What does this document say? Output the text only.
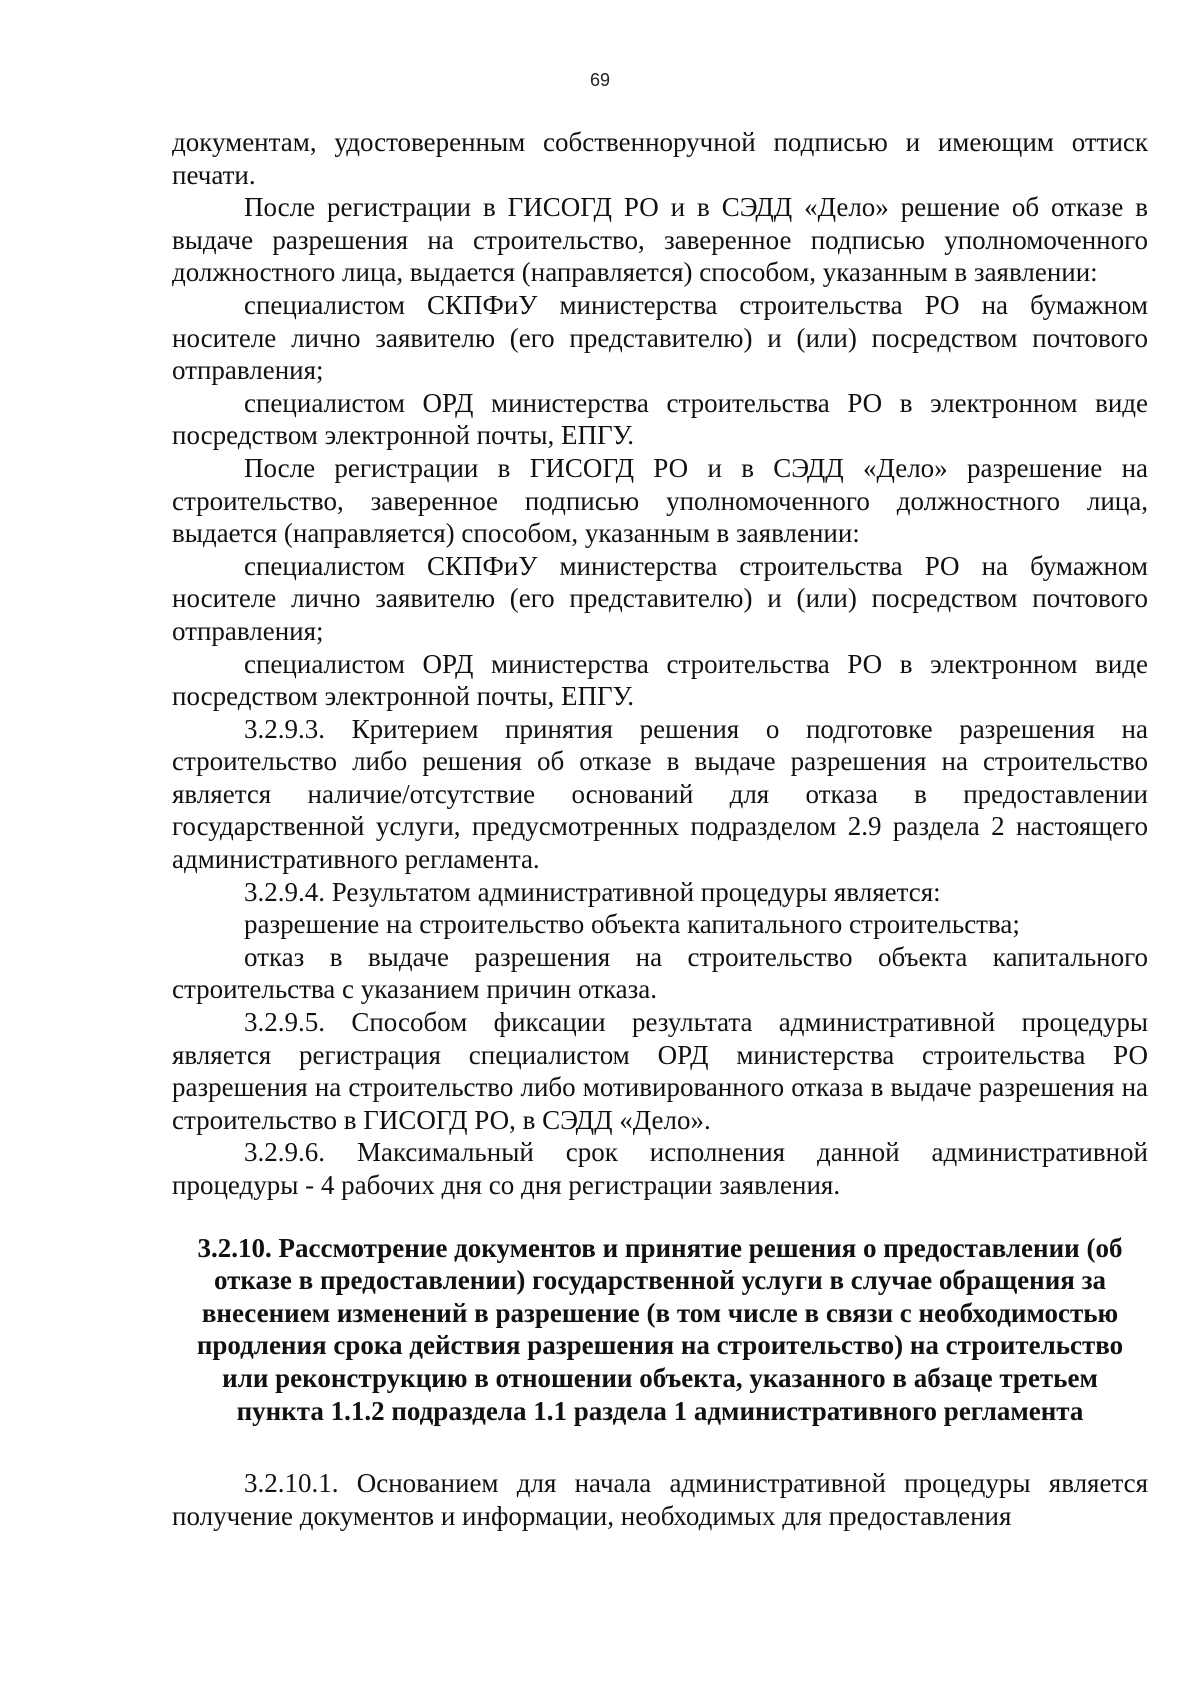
69

документам, удостоверенным собственноручной подписью и имеющим оттиск печати.

После регистрации в ГИСОГД РО и в СЭДД «Дело» решение об отказе в выдаче разрешения на строительство, заверенное подписью уполномоченного должностного лица, выдается (направляется) способом, указанным в заявлении:

специалистом СКПФиУ министерства строительства РО на бумажном носителе лично заявителю (его представителю) и (или) посредством почтового отправления;

специалистом ОРД министерства строительства РО в электронном виде посредством электронной почты, ЕПГУ.

После регистрации в ГИСОГД РО и в СЭДД «Дело» разрешение на строительство, заверенное подписью уполномоченного должностного лица, выдается (направляется) способом, указанным в заявлении:

специалистом СКПФиУ министерства строительства РО на бумажном носителе лично заявителю (его представителю) и (или) посредством почтового отправления;

специалистом ОРД министерства строительства РО в электронном виде посредством электронной почты, ЕПГУ.

3.2.9.3. Критерием принятия решения о подготовке разрешения на строительство либо решения об отказе в выдаче разрешения на строительство является наличие/отсутствие оснований для отказа в предоставлении государственной услуги, предусмотренных подразделом 2.9 раздела 2 настоящего административного регламента.

3.2.9.4. Результатом административной процедуры является:

разрешение на строительство объекта капитального строительства;

отказ в выдаче разрешения на строительство объекта капитального строительства с указанием причин отказа.

3.2.9.5. Способом фиксации результата административной процедуры является регистрация специалистом ОРД министерства строительства РО разрешения на строительство либо мотивированного отказа в выдаче разрешения на строительство в ГИСОГД РО, в СЭДД «Дело».

3.2.9.6. Максимальный срок исполнения данной административной процедуры - 4 рабочих дня со дня регистрации заявления.

3.2.10. Рассмотрение документов и принятие решения о предоставлении (об отказе в предоставлении) государственной услуги в случае обращения за внесением изменений в разрешение (в том числе в связи с необходимостью продления срока действия разрешения на строительство) на строительство или реконструкцию в отношении объекта, указанного в абзаце третьем пункта 1.1.2 подраздела 1.1 раздела 1 административного регламента

3.2.10.1. Основанием для начала административной процедуры является получение документов и информации, необходимых для предоставления
